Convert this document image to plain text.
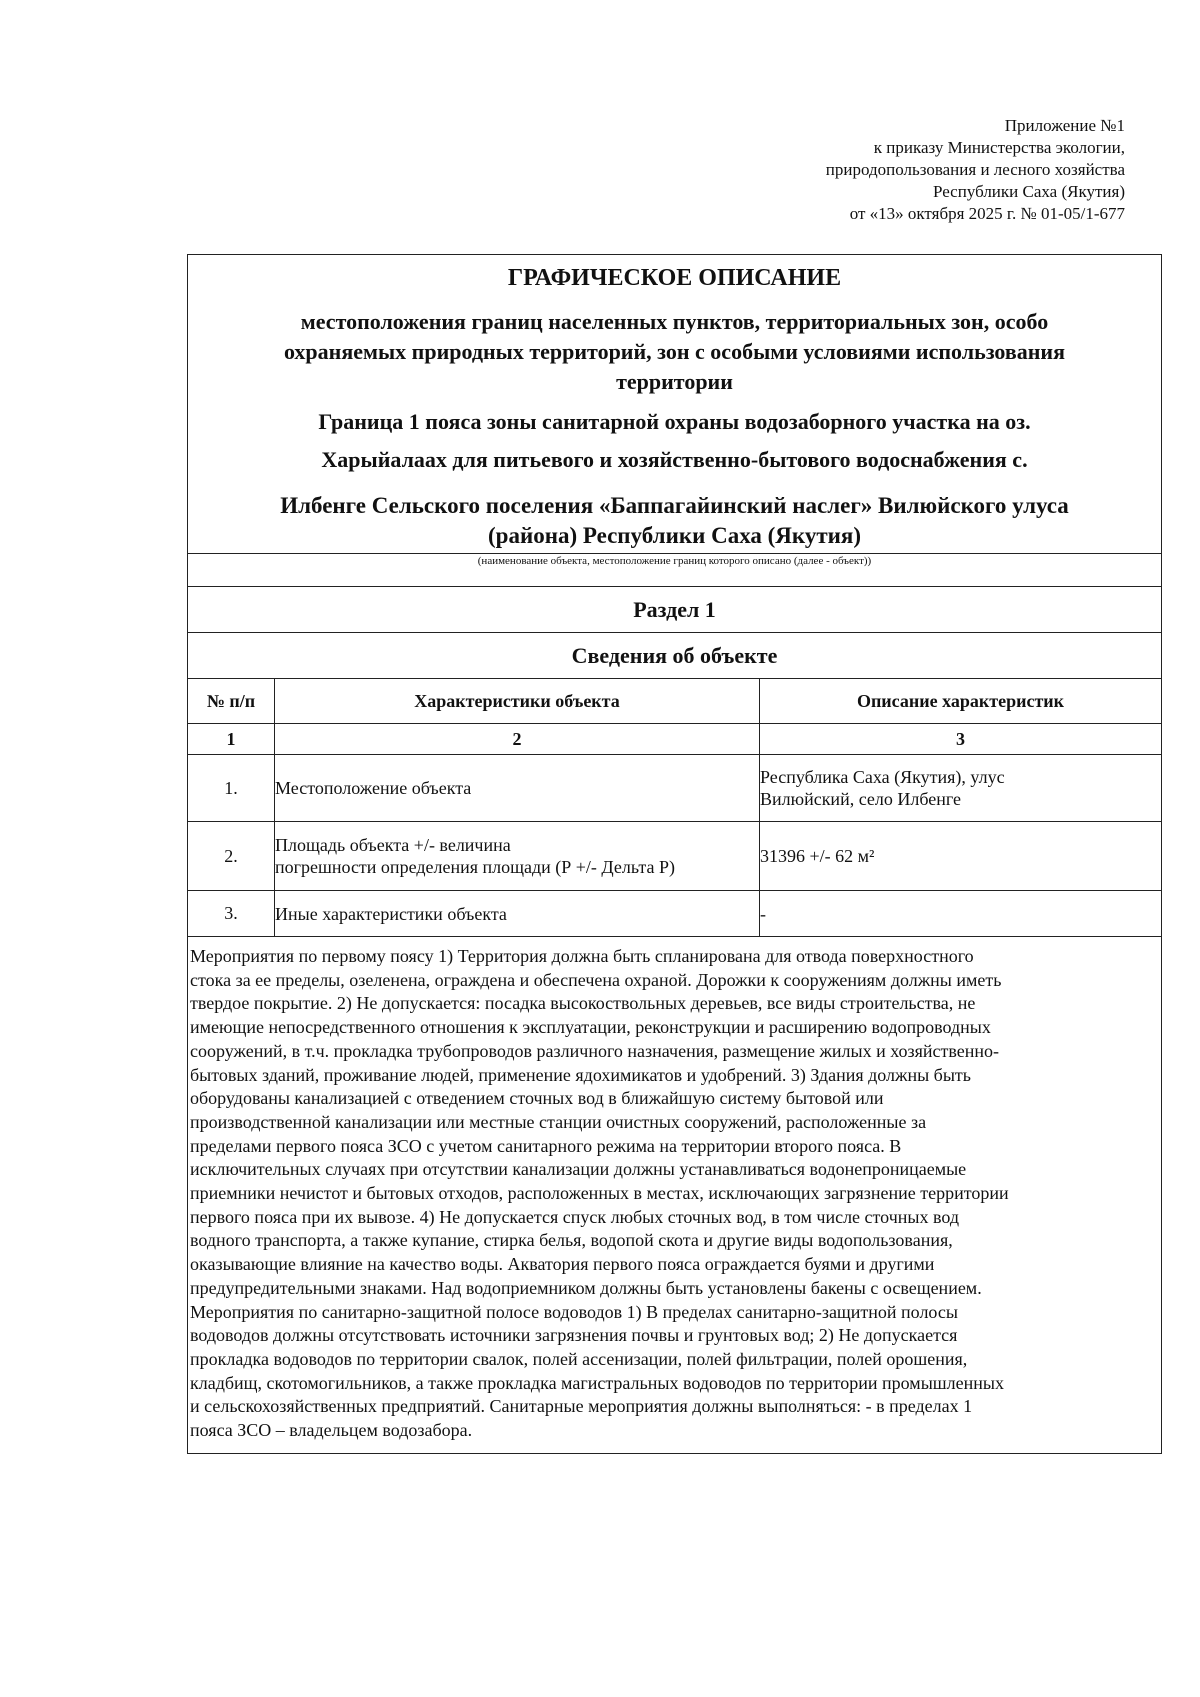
Приложение №1
к приказу Министерства экологии,
природопользования и лесного хозяйства
Республики Саха (Якутия)
от «13» октября 2025 г. № 01-05/1-677
ГРАФИЧЕСКОЕ ОПИСАНИЕ
местоположения границ населенных пунктов, территориальных зон, особо
охраняемых природных территорий, зон с особыми условиями использования
территории
Граница 1 пояса зоны санитарной охраны водозаборного участка на оз.
Харыйалаах для питьевого и хозяйственно-бытового водоснабжения с.
Илбенге Сельского поселения «Баппагайинский наслег» Вилюйского улуса
(района) Республики Саха (Якутия)
(наименование объекта, местоположение границ которого описано (далее - объект))
Раздел 1
Сведения об объекте
№ п/п	Характеристики объекта	Описание характеристик
1	2	3
1.	Местоположение объекта	Республика Саха (Якутия), улус
Вилюйский, село Илбенге

2.	Площадь объекта +/- величина
погрешности определения площади (Р +/- Дельта Р)	31396 +/- 62 м²

3.	Иные характеристики объекта	-
Мероприятия по первому поясу 1) Территория должна быть спланирована для отвода поверхностного
стока за ее пределы, озеленена, ограждена и обеспечена охраной. Дорожки к сооружениям должны иметь
твердое покрытие. 2) Не допускается: посадка высокоствольных деревьев, все виды строительства, не
имеющие непосредственного отношения к эксплуатации, реконструкции и расширению водопроводных
сооружений, в т.ч. прокладка трубопроводов различного назначения, размещение жилых и хозяйственно-
бытовых зданий, проживание людей, применение ядохимикатов и удобрений. 3) Здания должны быть
оборудованы канализацией с отведением сточных вод в ближайшую систему бытовой или
производственной канализации или местные станции очистных сооружений, расположенные за
пределами первого пояса ЗСО с учетом санитарного режима на территории второго пояса. В
исключительных случаях при отсутствии канализации должны устанавливаться водонепроницаемые
приемники нечистот и бытовых отходов, расположенных в местах, исключающих загрязнение территории
первого пояса при их вывозе. 4) Не допускается спуск любых сточных вод, в том числе сточных вод
водного транспорта, а также купание, стирка белья, водопой скота и другие виды водопользования,
оказывающие влияние на качество воды. Акватория первого пояса ограждается буями и другими
предупредительными знаками. Над водоприемником должны быть установлены бакены с освещением.
Мероприятия по санитарно-защитной полосе водоводов 1) В пределах санитарно-защитной полосы
водоводов должны отсутствовать источники загрязнения почвы и грунтовых вод; 2) Не допускается
прокладка водоводов по территории свалок, полей ассенизации, полей фильтрации, полей орошения,
кладбищ, скотомогильников, а также прокладка магистральных водоводов по территории промышленных
и сельскохозяйственных предприятий. Санитарные мероприятия должны выполняться: - в пределах 1
пояса ЗСО – владельцем водозабора.
